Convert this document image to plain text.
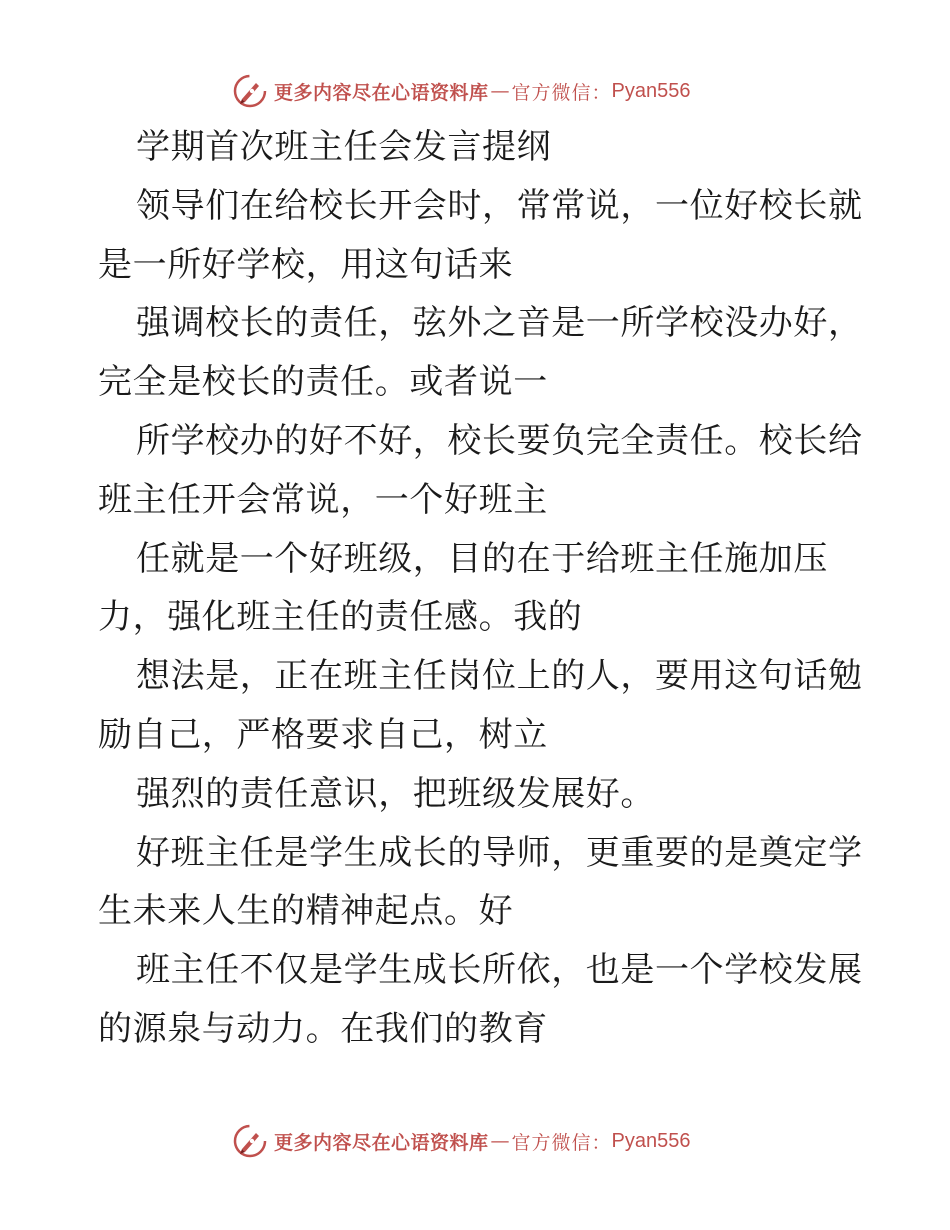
更多内容尽在心语资料库 — 官方微信： Pyan556
学期首次班主任会发言提纲
领导们在给校长开会时，常常说，一位好校长就
是一所好学校，用这句话来
强调校长的责任，弦外之音是一所学校没办好，
完全是校长的责任。或者说一
所学校办的好不好，校长要负完全责任。校长给
班主任开会常说，一个好班主
任就是一个好班级，目的在于给班主任施加压
力，强化班主任的责任感。我的
想法是，正在班主任岗位上的人，要用这句话勉
励自己，严格要求自己，树立
强烈的责任意识，把班级发展好。
好班主任是学生成长的导师，更重要的是奠定学
生未来人生的精神起点。好
班主任不仅是学生成长所依，也是一个学校发展
的源泉与动力。在我们的教育
更多内容尽在心语资料库 — 官方微信： Pyan556
